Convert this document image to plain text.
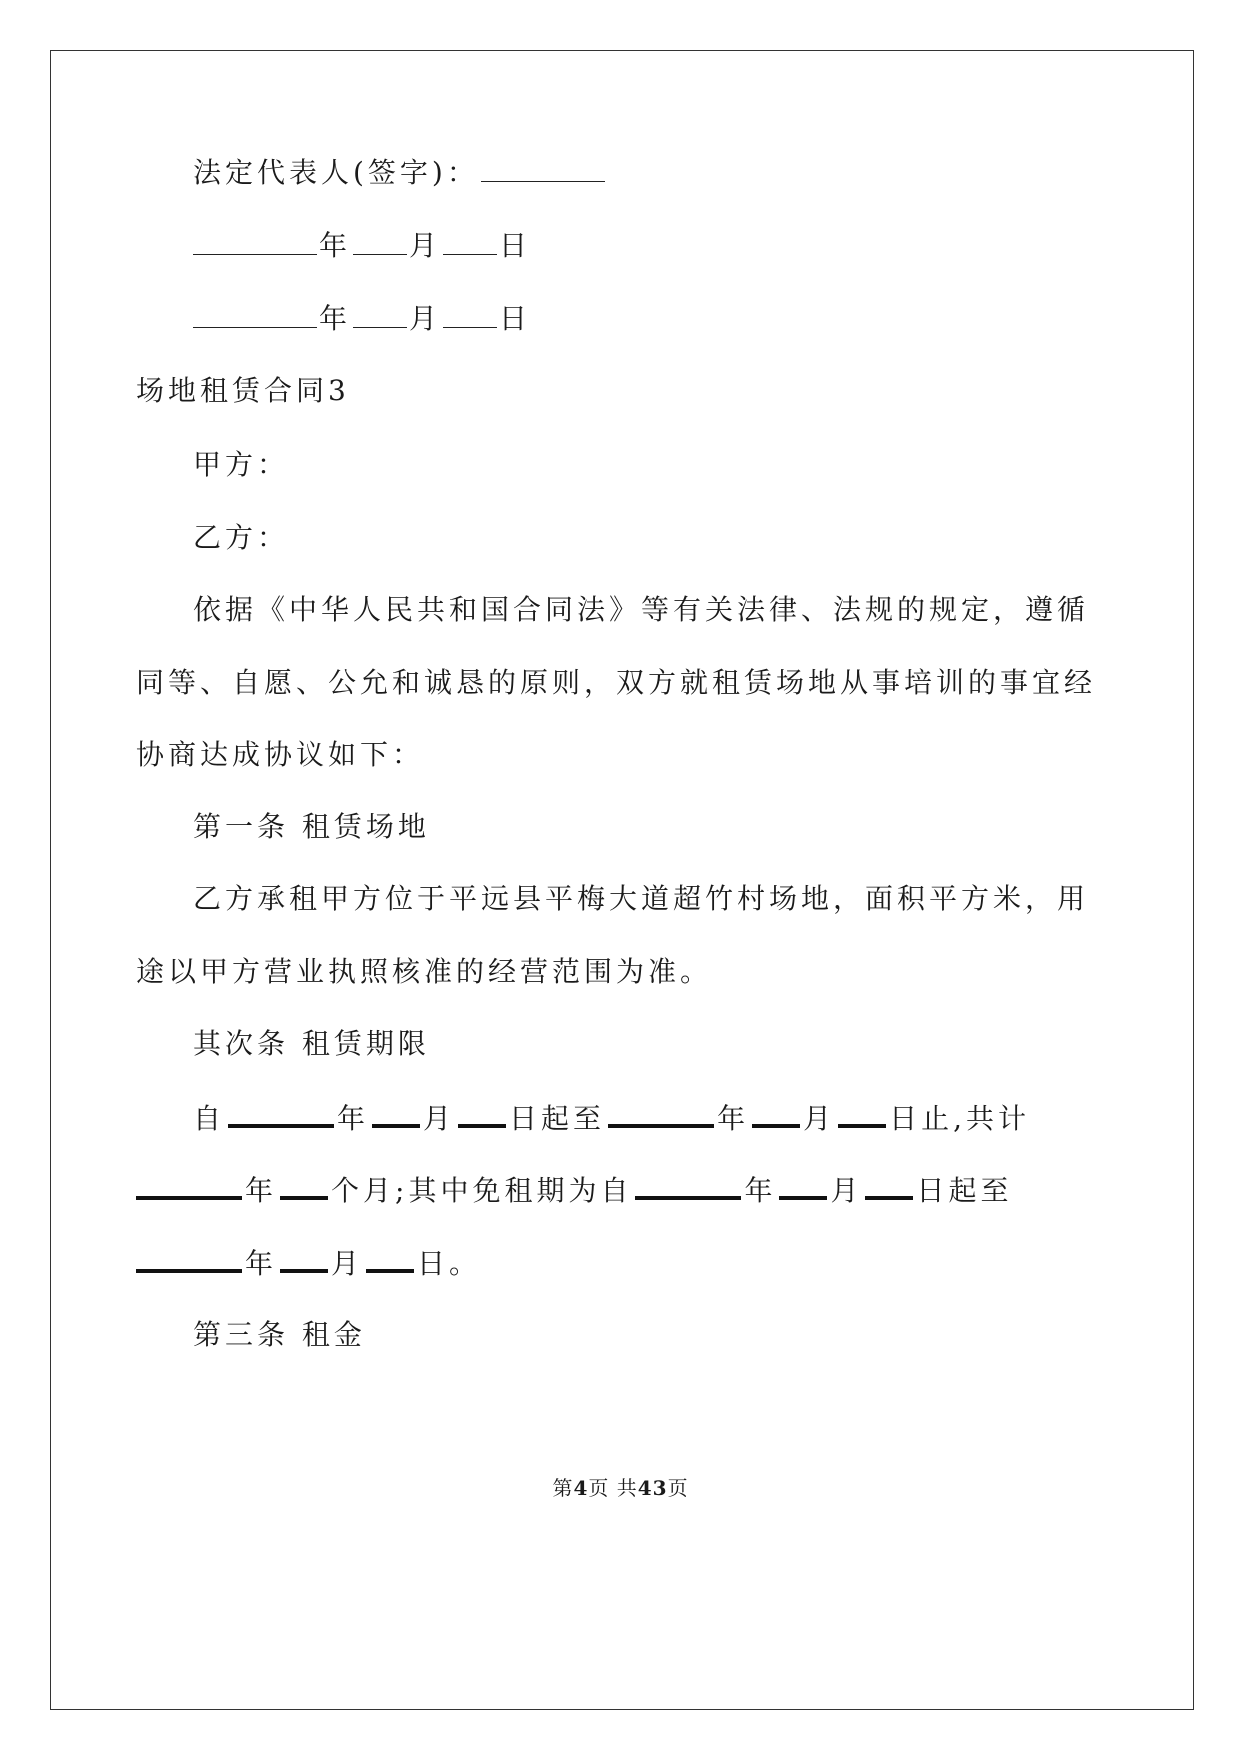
法定代表人(签字)：
年 月 日
年 月 日
场地租赁合同3
甲方：
乙方：
依据《中华人民共和国合同法》等有关法律、法规的规定，遵循
同等、自愿、公允和诚恳的原则，双方就租赁场地从事培训的事宜经
协商达成协议如下：
第一条 租赁场地
乙方承租甲方位于平远县平梅大道超竹村场地，面积平方米，用
途以甲方营业执照核准的经营范围为准。
其次条 租赁期限
自	年 月 日起至	年 月 日止,共计
年 个月;其中免租期为自	年 月 日起至
年 月 日。
第三条 租金
第4页 共43页
